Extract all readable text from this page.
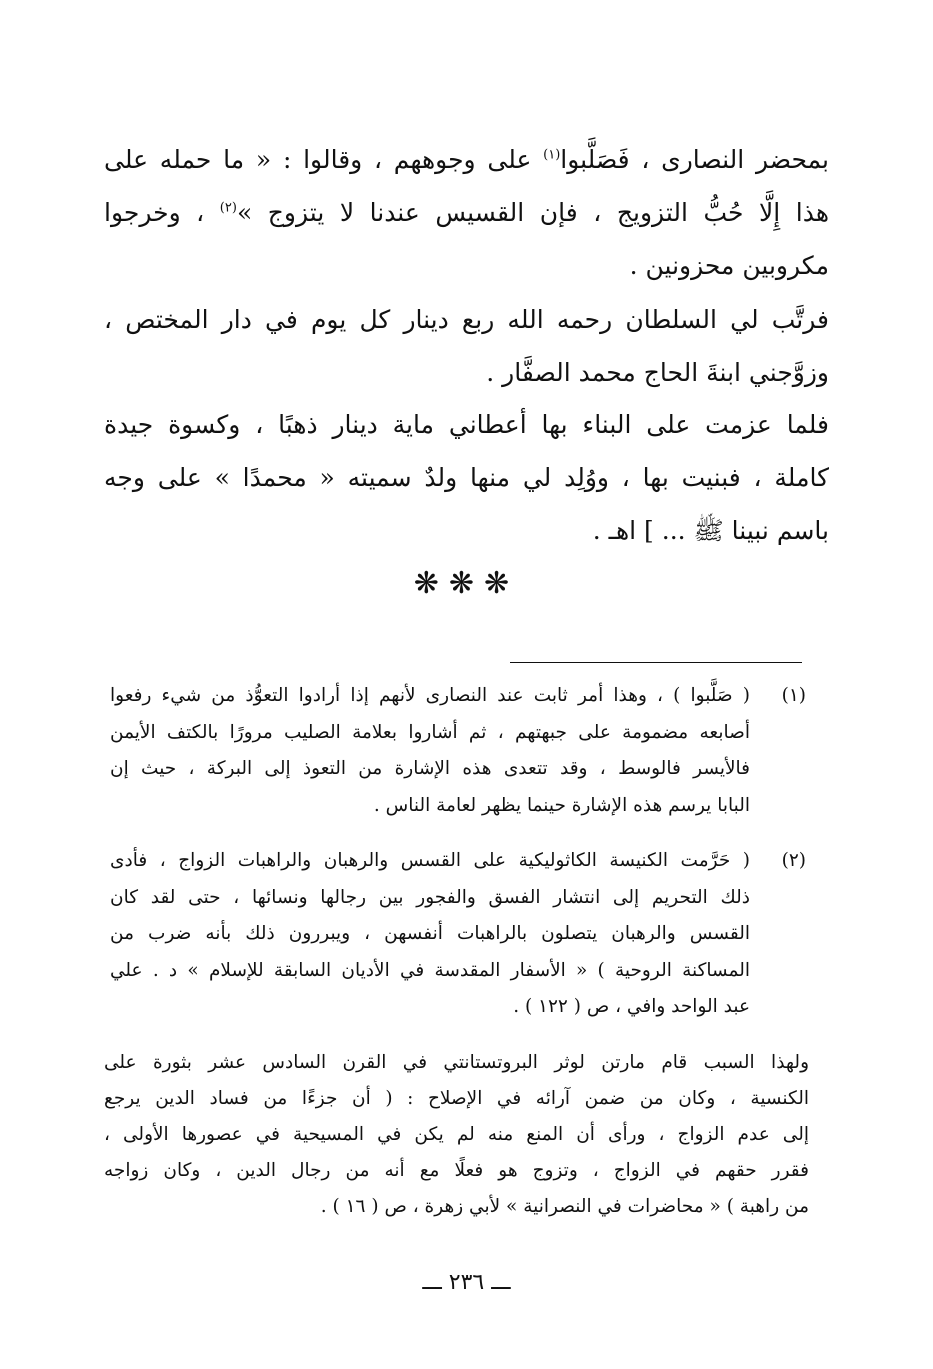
بمحضر النصارى ، فَصَلَّبوا$^{(١)}$ على وجوههم ، وقالوا : « ما حمله على
هذا إِلَّا حُبُّ التزويج ، فإن القسيس عندنا لا يتزوج »$^{(٢)}$ ، وخرجوا
مكروبين محزونين .
فرتَّب لي السلطان رحمه الله ربع دينار كل يوم في دار المختص ،
وزوَّجني ابنةَ الحاج محمد الصفَّار .
فلما عزمت على البناء بها أعطاني مایة دینار ذهبًا ، وكسوة جيدة
كاملة ، فبنيت بها ، ووُلِد لي منها ولدٌ سميته « محمدًا » على وجه
باسم نبينا ﷺ ... ] اهـ .
❋❋❋
(١)
( صَلَّبوا ) ، وهذا أمر ثابت عند النصارى لأنهم إذا أرادوا التعوُّذ من شيء رفعوا
أصابعه مضمومة على جبهتهم ، ثم أشاروا بعلامة الصليب مرورًا بالكتف الأيمن
فالأيسر فالوسط ، وقد تتعدى هذه الإشارة من التعوذ إلى البركة ، حيث إن
البابا يرسم هذه الإشارة حينما يظهر لعامة الناس .
(٢)
( حَرَّمت الكنيسة الكاثوليكية على القسس والرهبان والراهبات الزواج ، فأدى
ذلك التحريم إلى انتشار الفسق والفجور بين رجالها ونسائها ، حتى لقد كان
القسس والرهبان يتصلون بالراهبات أنفسهن ، ويبررون ذلك بأنه ضرب من
المساكنة الروحية ) « الأسفار المقدسة في الأديان السابقة للإسلام » د . علي
عبد الواحد وافي ، ص ( ١٢٢ ) .
ولهذا السبب قام مارتن لوثر البروتستانتي في القرن السادس عشر بثورة على
الكنسية ، وكان من ضمن آرائه في الإصلاح : ( أن جزءًا من فساد الدين يرجع
إلى عدم الزواج ، ورأى أن المنع منه لم يكن في المسيحية في عصورها الأولى ،
فقرر حقهم في الزواج ، وتزوج هو فعلًا مع أنه من رجال الدين ، وكان زواجه
من راهبة ) « محاضرات في النصرانية » لأبي زهرة ، ص ( ١٦ ) .
ـــ ٢٣٦ ـــ
